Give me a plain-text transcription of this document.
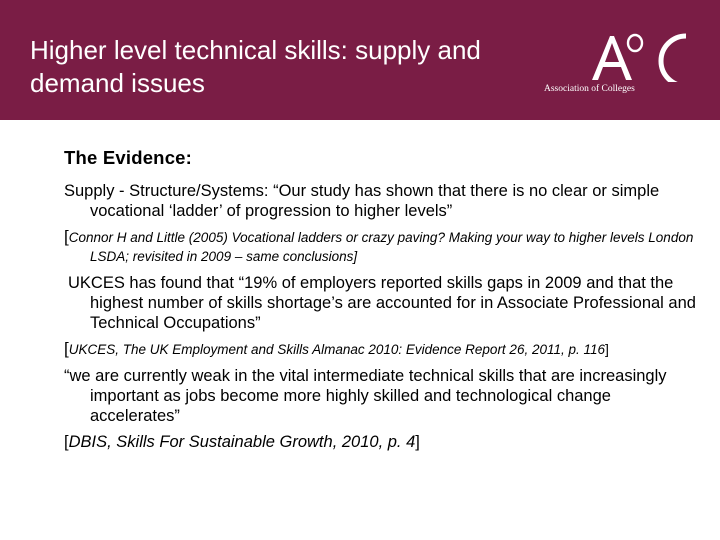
Higher level technical skills: supply and demand issues	Association of Colleges

The Evidence:

Supply - Structure/Systems: “Our study has shown that there is no clear or simple vocational ‘ladder’ of progression to higher levels”

[Connor H and Little (2005) Vocational ladders or crazy paving? Making your way to higher levels London LSDA; revisited in 2009 – same conclusions]

UKCES has found that “19% of employers reported skills gaps in 2009 and that the highest number of skills shortage’s are accounted for in Associate Professional and Technical Occupations”

[UKCES, The UK Employment and Skills Almanac 2010: Evidence Report 26, 2011, p. 116]

“we are currently weak in the vital intermediate technical skills that are increasingly important as jobs become more highly skilled and technological change accelerates”

[DBIS, Skills For Sustainable Growth, 2010, p. 4]
